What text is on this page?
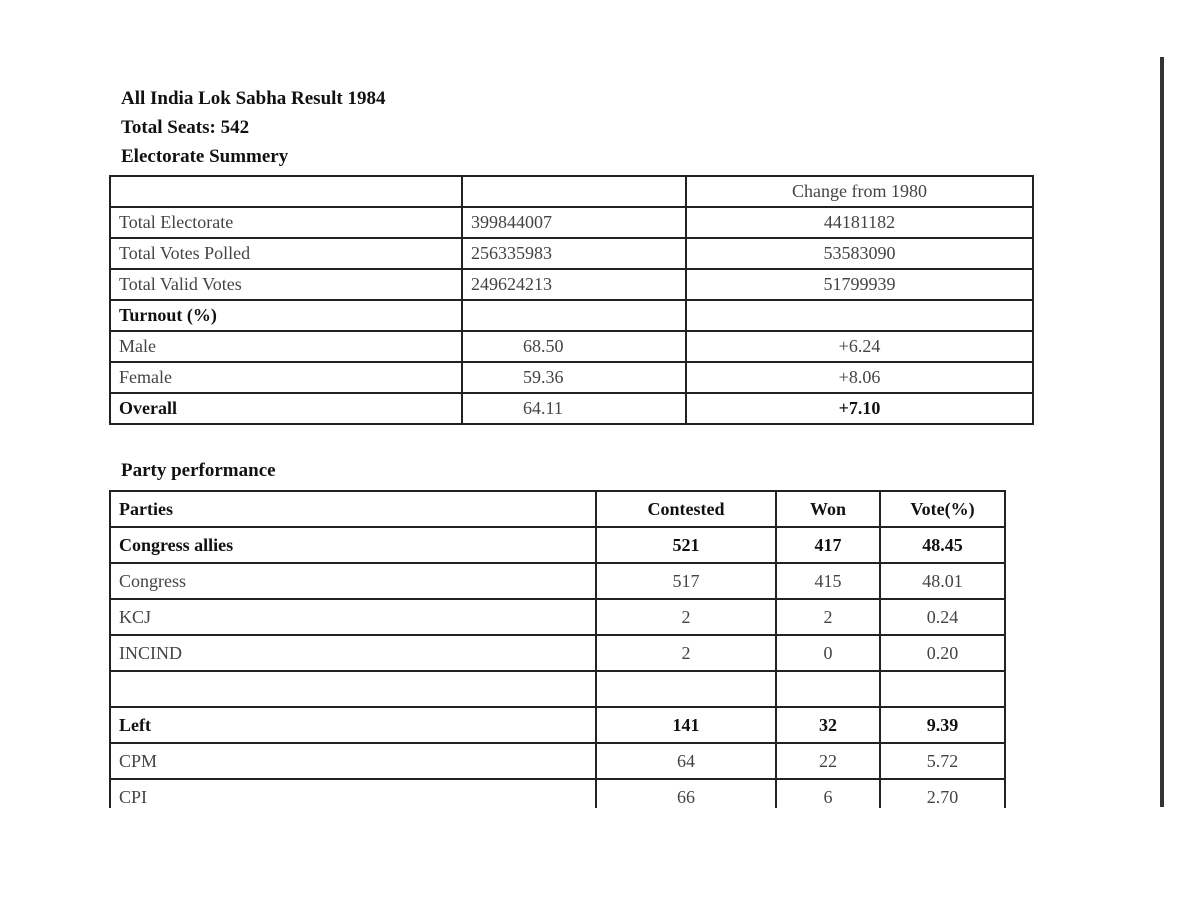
All India Lok Sabha Result 1984
Total Seats: 542
Electorate Summery
		Change from 1980
Total Electorate	399844007	44181182
Total Votes Polled	256335983	53583090
Total Valid Votes	249624213	51799939
Turnout (%)		
Male	68.50	+6.24
Female	59.36	+8.06
Overall	64.11	+7.10
Party performance
Parties	Contested	Won	Vote(%)
Congress allies	521	417	48.45
Congress	517	415	48.01
KCJ	2	2	0.24
INCIND	2	0	0.20

Left	141	32	9.39
CPM	64	22	5.72
CPI	66	6	2.70
